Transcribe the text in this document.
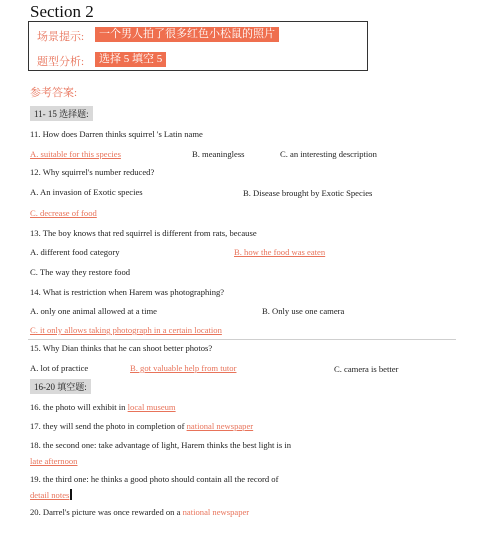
Section 2
场景提示:	一个男人拍了很多红色小松鼠的照片
题型分析:	选择 5 填空 5
参考答案:
11- 15 选择题:
11. How does Darren thinks squirrel 's Latin name
A. suitable for this species	B. meaningless	C. an interesting description
12. Why squirrel's number reduced?
A. An invasion of Exotic species	B. Disease brought by Exotic Species
C. decrease of food
13. The boy knows that red squirrel is different from rats, because
A. different food category	B. how the food was eaten
C. The way they restore food
14. What is restriction when Harem was photographing?
A. only one animal allowed at a time	B. Only use one camera
C. it only allows taking photograph in a certain location
15. Why Dian thinks that he can shoot better photos?
A. lot of practice	B. got valuable help from tutor	C. camera is better
16-20 填空题:
16. the photo will exhibit in local museum
17. they will send the photo in completion of national newspaper
18. the second one: take advantage of light, Harem thinks the best light is in
late afternoon
19. the third one: he thinks a good photo should contain all the record of
detail notes
20. Darrel's picture was once rewarded on a national newspaper
